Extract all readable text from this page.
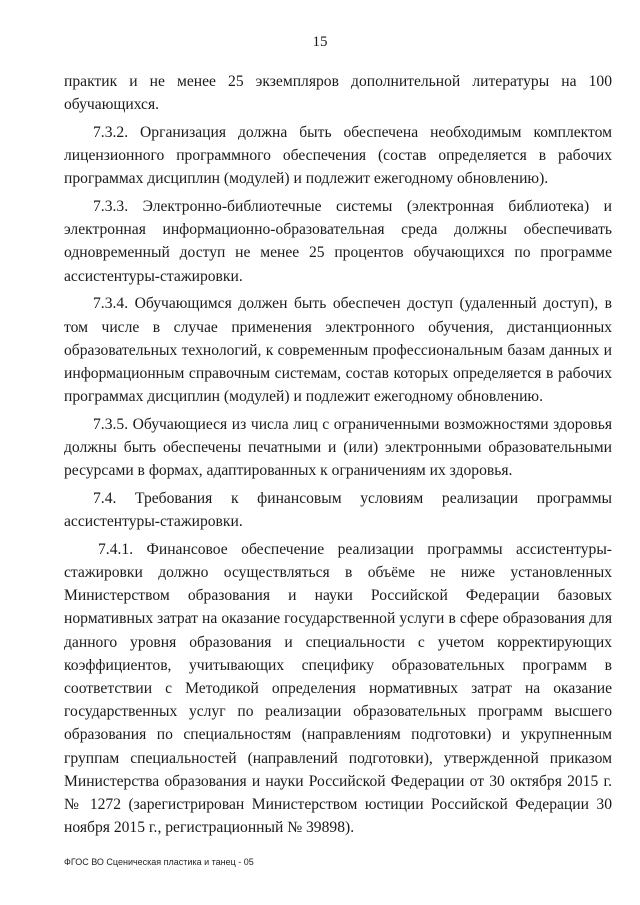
15

практик и не менее 25 экземпляров дополнительной литературы на 100 обучающихся.

7.3.2. Организация должна быть обеспечена необходимым комплектом лицензионного программного обеспечения (состав определяется в рабочих программах дисциплин (модулей) и подлежит ежегодному обновлению).

7.3.3. Электронно-библиотечные системы (электронная библиотека) и электронная информационно-образовательная среда должны обеспечивать одновременный доступ не менее 25 процентов обучающихся по программе ассистентуры-стажировки.

7.3.4. Обучающимся должен быть обеспечен доступ (удаленный доступ), в том числе в случае применения электронного обучения, дистанционных образовательных технологий, к современным профессиональным базам данных и информационным справочным системам, состав которых определяется в рабочих программах дисциплин (модулей) и подлежит ежегодному обновлению.

7.3.5. Обучающиеся из числа лиц с ограниченными возможностями здоровья должны быть обеспечены печатными и (или) электронными образовательными ресурсами в формах, адаптированных к ограничениям их здоровья.

7.4. Требования к финансовым условиям реализации программы ассистентуры-стажировки.

7.4.1. Финансовое обеспечение реализации программы ассистентуры-стажировки должно осуществляться в объёме не ниже установленных Министерством образования и науки Российской Федерации базовых нормативных затрат на оказание государственной услуги в сфере образования для данного уровня образования и специальности с учетом корректирующих коэффициентов, учитывающих специфику образовательных программ в соответствии с Методикой определения нормативных затрат на оказание государственных услуг по реализации образовательных программ высшего образования по специальностям (направлениям подготовки) и укрупненным группам специальностей (направлений подготовки), утвержденной приказом Министерства образования и науки Российской Федерации от 30 октября 2015 г. № 1272 (зарегистрирован Министерством юстиции Российской Федерации 30 ноября 2015 г., регистрационный № 39898).

ФГОС ВО Сценическая пластика и танец - 05
